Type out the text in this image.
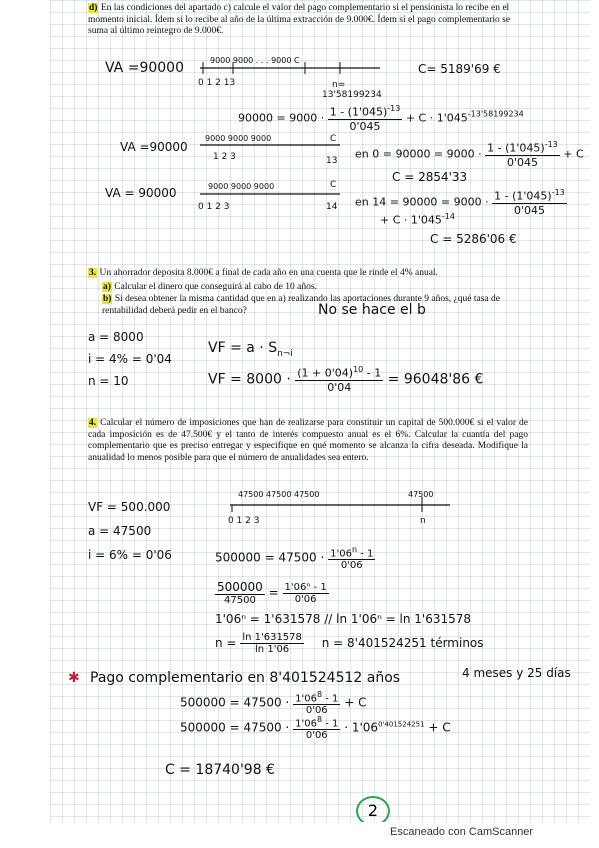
d) En las condiciones del apartado c) calcule el valor del pago complementario si el pensionista lo recibe en el momento inicial. Ídem si lo recibe al año de la última extracción de 9.000€. Ídem si el pago complementario se suma al último reintegro de 9.000€.
VA =90000	9000 9000 . . . 9000 C
0 1 2 13	n=
13'58199234
C= 5189'69 €
$90000 = 9000 \cdot \frac{1 - (1'045)^{-13}}{0'045} + C \cdot 1'045^{-13'58199234}$
VA =90000
9000 9000 9000	C
1 2 3	13
en $0 = 90000 = 9000 \cdot \frac{1 - (1'045)^{-13}}{0'045} + C$
C = 2854'33
VA = 90000	9000 9000 9000	C
0 1 2 3	14 en $14 = 90000 = 9000 \cdot \frac{1 - (1'045)^{-13}}{0'045}$
+ $C \cdot 1'045^{-14}$
C = 5286'06 €
3. Un ahorrador deposita 8.000€ a final de cada año en una cuenta que le rinde el 4% anual.
a) Calcular el dinero que conseguirá al cabo de 10 años.
b) Si desea obtener la misma cantidad que en a) realizando las aportaciones durante 9 años, ¿qué tasa de rentabilidad deberá pedir en el banco?	No se hace el b
a = 8000
i = 4% = 0'04
n = 10
VF = $a \cdot S_{n\neg i}$
VF = $8000 \cdot \frac{(1 + 0'04)^{10} - 1}{0'04} = 96048'86$ €
4. Calcular el número de imposiciones que han de realizarse para constituir un capital de 500.000€ si el valor de cada imposición es de 47.500€ y el tanto de interés compuesto anual es el 6%. Calcular la cuantía del pago complementario que es preciso entregar y especifique en qué momento se alcanza la cifra deseada. Modifique la anualidad lo menos posible para que el número de anualidades sea entero.
VF = 500.000
a = 47500
i = 6% = 0'06
47500 47500 47500	47500
0 1 2 3	n
$500000 = 47500 \cdot \frac{1'06^n - 1}{0'06}$
$\frac{500000}{47500} = \frac{\text{1'06ⁿ - 1}}{0'06}$
1'06ⁿ = 1'631578 // ln 1'06ⁿ = ln 1'631578
$n = \frac{\ln 1'631578}{\ln 1'06}$ n = 8'401524251 términos
✱ Pago complementario en 8'401524512 años	4 meses y 25 días
$500000 = 47500 \cdot \frac{1'06^8 - 1}{0'06} + C$
$500000 = 47500 \cdot \frac{1'06^8 - 1}{0'06} \cdot 1'06^{0'401524251} + C$
C = 18740'98 €
2
Escaneado con CamScanner
